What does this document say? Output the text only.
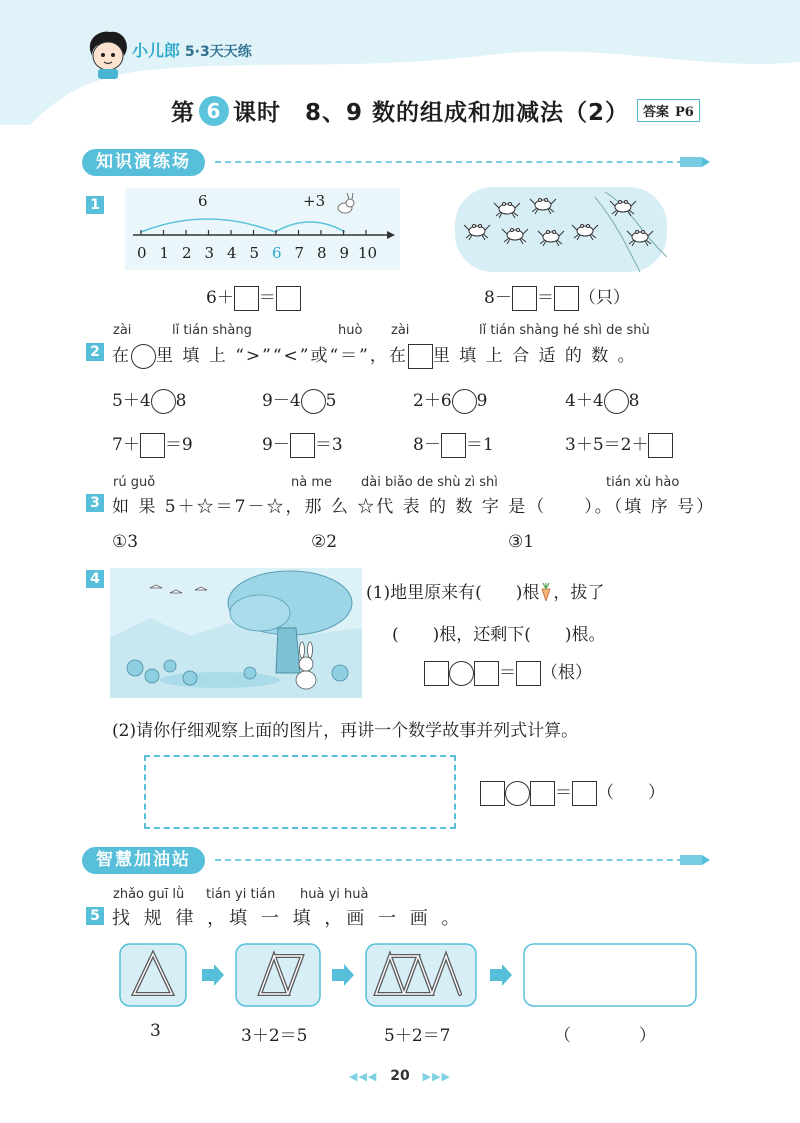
小儿郎 5·3天天练
第 6 课时　8、9 数的组成和加减法（2）	答案 P6
知识演练场
1	6	+3
0 1 2 3 4 5 6 7 8 9 10
6＋ ＝	8－ ＝ （只）
zài	lǐ tián shàng	huò zài	lǐ tián shàng hé shì de shù
2 在 里 填 上 “>”“<”或“＝”，在 里 填 上 合 适 的 数 。
5＋4 8	9－4 5	2＋6 9	4＋4 8
7＋ ＝9	9－ ＝3	8－ ＝1	3＋5＝2＋
rú guǒ	nà me dài biǎo de shù zì shì	tián xù hào
3 如 果 5＋☆＝7－☆，那 么 ☆代 表 的 数 字 是（　　）。（填 序 号）
①3	②2	③1
4
(1)地里原来有(　　)根 ，拔了
(　　)根，还剩下(　　)根。
＝ （根）
(2)请你仔细观察上面的图片，再讲一个数学故事并列式计算。
＝ （　　）
智慧加油站
zhǎo guī lǜ tián yi tián huà yi huà
5 找 规 律 ，填 一 填 ，画 一 画 。
3	3＋2＝5	5＋2＝7	（　　　　）
◀◀◀ 20 ▶▶▶
